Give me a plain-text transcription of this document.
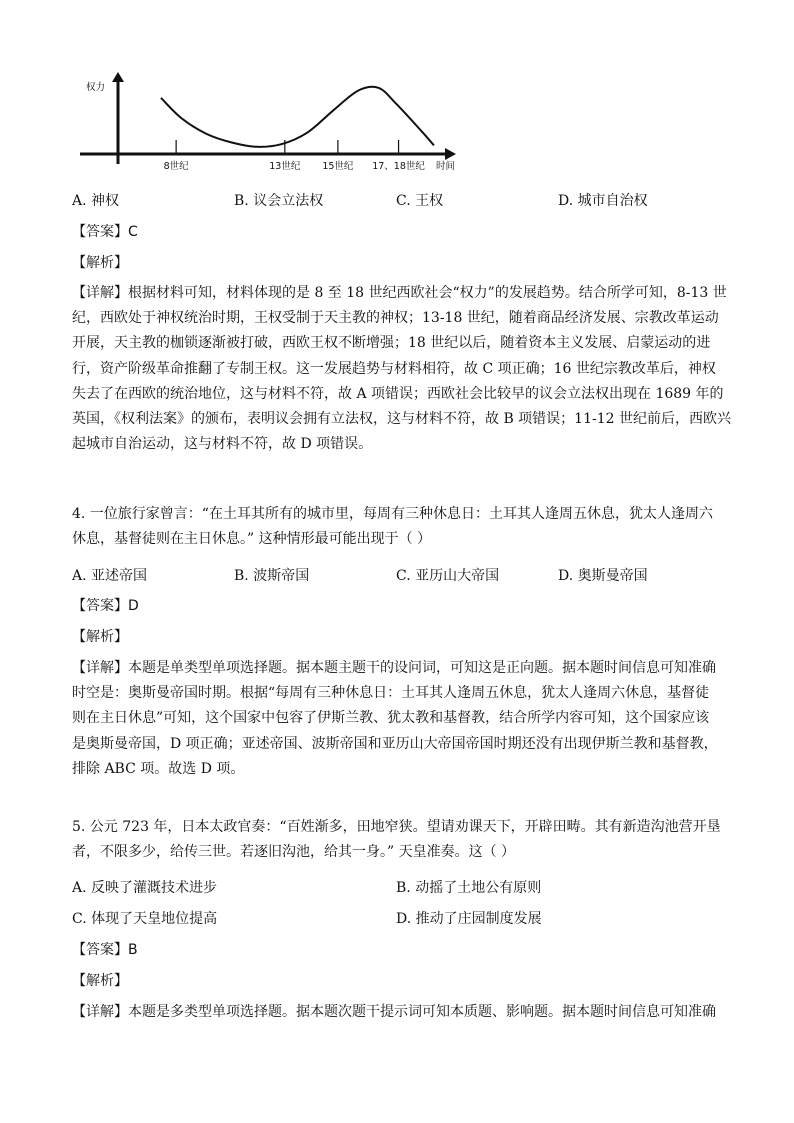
8世纪	13世纪 15世纪 17、18世纪
权力
时间
A. 神权	B. 议会立法权	C. 王权	D. 城市自治权
【答案】C
【解析】
【详解】根据材料可知，材料体现的是 8 至 18 世纪西欧社会“权力”的发展趋势。结合所学可知，8-13 世
纪，西欧处于神权统治时期，王权受制于天主教的神权；13-18 世纪，随着商品经济发展、宗教改革运动
开展，天主教的枷锁逐渐被打破，西欧王权不断增强；18 世纪以后，随着资本主义发展、启蒙运动的进
行，资产阶级革命推翻了专制王权。这一发展趋势与材料相符，故 C 项正确；16 世纪宗教改革后，神权
失去了在西欧的统治地位，这与材料不符，故 A 项错误；西欧社会比较早的议会立法权出现在 1689 年的
英国，《权利法案》的颁布，表明议会拥有立法权，这与材料不符，故 B 项错误；11-12 世纪前后，西欧兴
起城市自治运动，这与材料不符，故 D 项错误。
4. 一位旅行家曾言：“在土耳其所有的城市里，每周有三种休息日：土耳其人逢周五休息，犹太人逢周六
休息，基督徒则在主日休息。” 这种情形最可能出现于（ ）
A. 亚述帝国	B. 波斯帝国	C. 亚历山大帝国	D. 奥斯曼帝国
【答案】D
【解析】
【详解】本题是单类型单项选择题。据本题主题干的设问词，可知这是正向题。据本题时间信息可知准确
时空是：奥斯曼帝国时期。根据“每周有三种休息日：土耳其人逢周五休息，犹太人逢周六休息，基督徒
则在主日休息”可知，这个国家中包容了伊斯兰教、犹太教和基督教，结合所学内容可知，这个国家应该
是奥斯曼帝国，D 项正确；亚述帝国、波斯帝国和亚历山大帝国帝国时期还没有出现伊斯兰教和基督教，
排除 ABC 项。故选 D 项。
5. 公元 723 年，日本太政官奏：“百姓渐多，田地窄狭。望请劝课天下，开辟田畴。其有新造沟池营开垦
者，不限多少，给传三世。若逐旧沟池，给其一身。” 天皇准奏。这（ ）
A. 反映了灌溉技术进步	B. 动摇了土地公有原则
C. 体现了天皇地位提高	D. 推动了庄园制度发展
【答案】B
【解析】
【详解】本题是多类型单项选择题。据本题次题干提示词可知本质题、影响题。据本题时间信息可知准确
